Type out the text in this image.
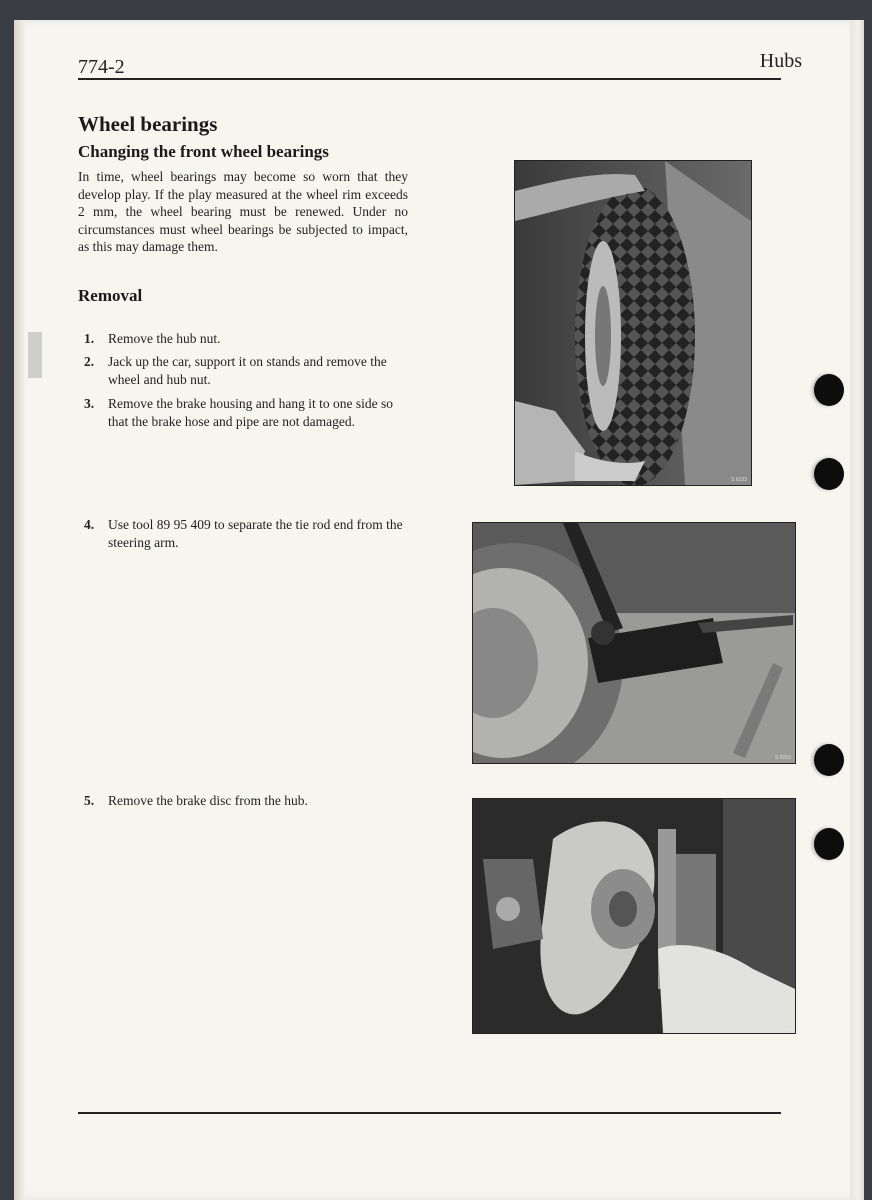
774-2	Hubs
Wheel bearings
Changing the front wheel bearings

In time, wheel bearings may become so worn that they develop play. If the play measured at the wheel rim exceeds 2 mm, the wheel bearing must be renewed. Under no circumstances must wheel bearings be subjected to impact, as this may damage them.

Removal
1.	Remove the hub nut.
2.	Jack up the car, support it on stands and remove the wheel and hub nut.
3.	Remove the brake housing and hang it to one side so that the brake hose and pipe are not damaged.
4.	Use tool 89 95 409 to separate the tie rod end from the steering arm.
5.	Remove the brake disc from the hub.
S 6333
S 6015
S 6064
